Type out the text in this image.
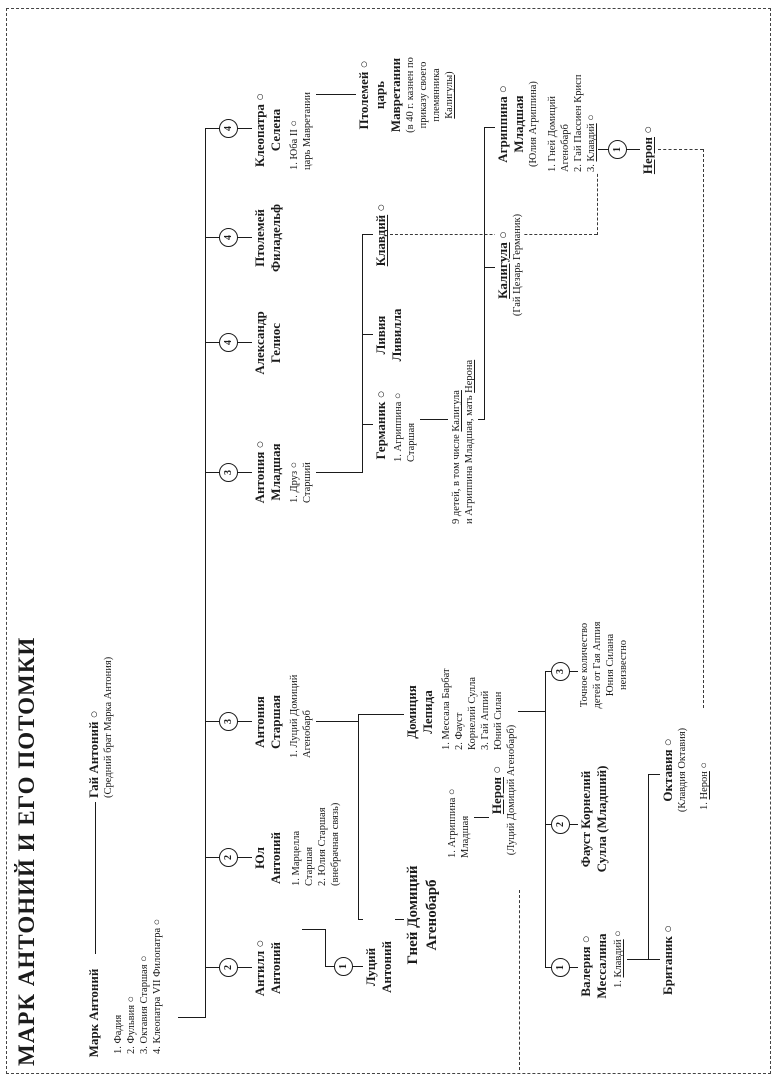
МАРК АНТОНИЙ И ЕГО ПОТОМКИ	Марк Антоний
Гай Антоний ○ (Средний брат Марка Антония)
1. Фадия 2. Фульвия ○ 3. Октавия Старшая ○ 4. Клеопатра VII Филопатра ○	Антилл ○ Антоний
Юл Антоний 1. Марцелла Старшая 2. Юлия Старшая (внебрачная связь)
Луций Антоний
Антония Старшая 1. Луций Домиций Агенобарб
Гней Домиций Агенобарб
1. Агриппина ○ Младшая
Нерон ○ (Луций Домиций Агенобарб)
Домиция Лепида 1. Мессала Барбат 2. Фауст Корнелий Сулла 3. Гай Аппий Юний Силан
Валерия ○ Мессалина 1. Клавдий ○	Британик ○
Октавия ○ (Клавдия Октавия) 1. Нерон ○
Фауст Корнелий Сулла (Младший)
Точное количество детей от Гая Аппия Юния Силана неизвестно
Антония ○ Младшая 1. Друз ○ Старший
Германик ○ 1. Агриппина ○ Старшая
Ливия Ливилла
Клавдий ○
9 детей, в том числе Калигула и Агриппина Младшая, мать Нерона
Калигула ○ (Гай Цезарь Германик)
Агриппина ○ Младшая (Юлия Агриппина) 1. Гней Домиций Агенобарб 2. Гай Пассиен Крисп 3. Клавдий ○
Нерон ○
Александр Гелиос
Птолемей Филадельф
Клеопатра ○ Селена 1. Юба II ○ царь Мавретании	Птолемей ○ царь Мавретании (в 40 г. казнен по приказу своего племянника Калигулы)
2
2
3
3
4
4
4
1	1
2
3
1
